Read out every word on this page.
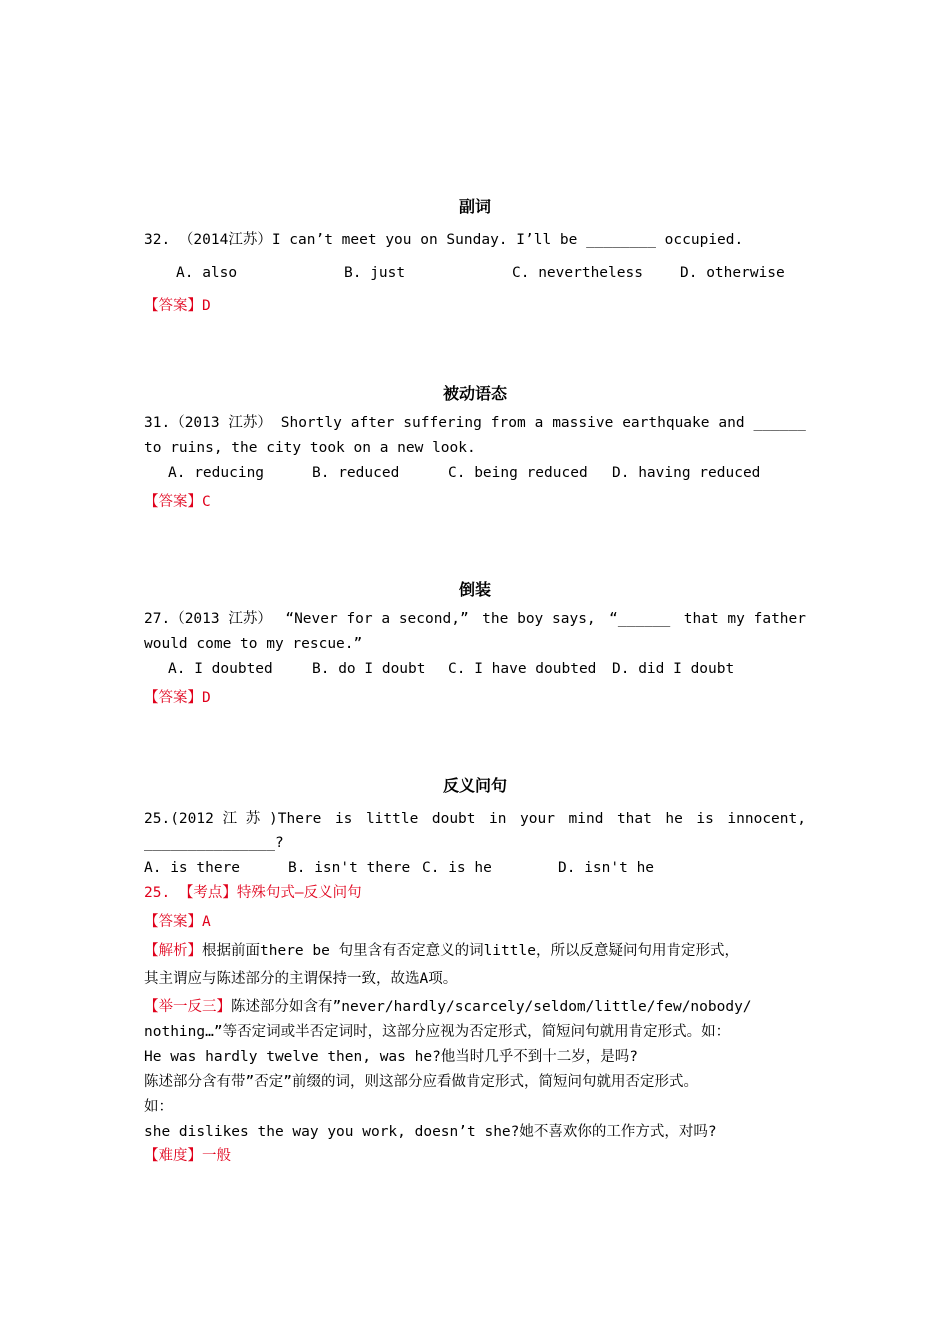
副词
32. （2014江苏）I can’t meet you on Sunday. I’ll be ________ occupied.
A. also	B. just	C. nevertheless	D. otherwise
【答案】D
被动语态
31.（2013 江苏） Shortly after suffering from a massive earthquake and ______
to ruins, the city took on a new look.
A. reducing	B. reduced	C. being reduced D. having reduced
【答案】C
倒装
27.（2013 江苏） “Never for a second,” the boy says, “______ that my father
would come to my rescue.”
A. I doubted	B. do I doubt C. I have doubted D. did I doubt
【答案】D
反义问句
25.(2012 江 苏 )There is little doubt in your mind that he is innocent,
_______________?
A. is there	B. isn't there C. is he	D. isn't he
25. 【考点】特殊句式—反义问句
【答案】A
【解析】根据前面there be 句里含有否定意义的词little，所以反意疑问句用肯定形式，
其主谓应与陈述部分的主谓保持一致，故选A项。
【举一反三】陈述部分如含有”never/hardly/scarcely/seldom/little/few/nobody/
nothing…”等否定词或半否定词时，这部分应视为否定形式，简短问句就用肯定形式。如：
He was hardly twelve then, was he?他当时几乎不到十二岁，是吗?
陈述部分含有带”否定”前缀的词，则这部分应看做肯定形式，简短问句就用否定形式。
如：
she dislikes the way you work, doesn’t she?她不喜欢你的工作方式，对吗?
【难度】一般
